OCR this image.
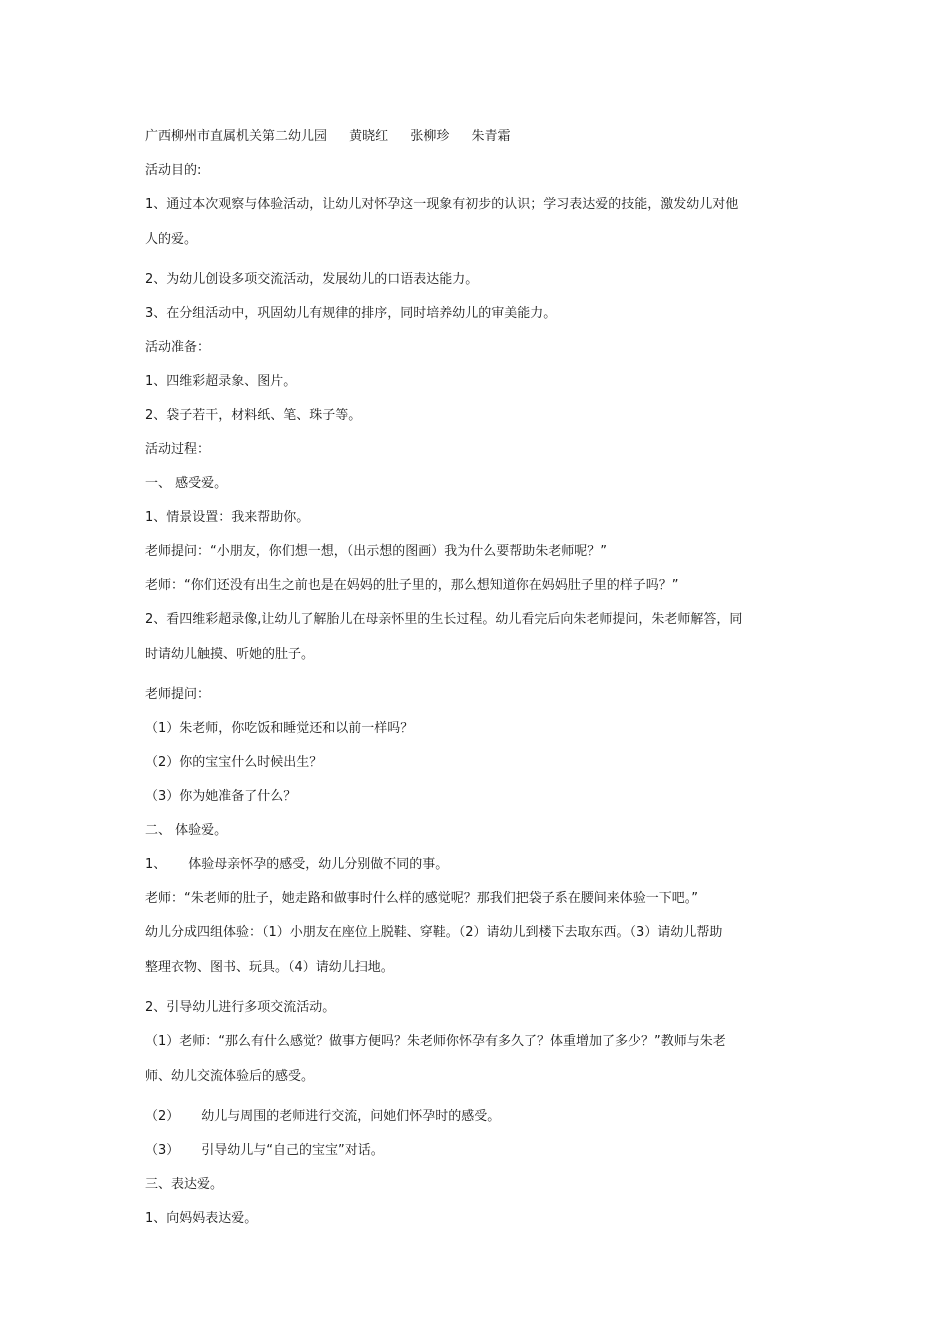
广西柳州市直属机关第二幼儿园 黄晓红 张柳珍 朱青霜
活动目的:
1、通过本次观察与体验活动，让幼儿对怀孕这一现象有初步的认识；学习表达爱的技能，激发幼儿对他
人的爱。
2、为幼儿创设多项交流活动，发展幼儿的口语表达能力。
3、在分组活动中，巩固幼儿有规律的排序，同时培养幼儿的审美能力。
活动准备：
1、四维彩超录象、图片。
2、袋子若干，材料纸、笔、珠子等。
活动过程：
一、 感受爱。
1、情景设置：我来帮助你。
老师提问：“小朋友，你们想一想，（出示想的图画）我为什么要帮助朱老师呢？”
老师：“你们还没有出生之前也是在妈妈的肚子里的，那么想知道你在妈妈肚子里的样子吗？”
2、看四维彩超录像,让幼儿了解胎儿在母亲怀里的生长过程。幼儿看完后向朱老师提问，朱老师解答，同
时请幼儿触摸、听她的肚子。
老师提问：
（1）朱老师，你吃饭和睡觉还和以前一样吗？
（2）你的宝宝什么时候出生？
（3）你为她准备了什么？
二、 体验爱。
1、 体验母亲怀孕的感受，幼儿分别做不同的事。
老师：“朱老师的肚子，她走路和做事时什么样的感觉呢？那我们把袋子系在腰间来体验一下吧。”
幼儿分成四组体验：（1）小朋友在座位上脱鞋、穿鞋。（2）请幼儿到楼下去取东西。（3）请幼儿帮助
整理衣物、图书、玩具。（4）请幼儿扫地。
2、引导幼儿进行多项交流活动。
（1）老师：“那么有什么感觉？做事方便吗？朱老师你怀孕有多久了？体重增加了多少？”教师与朱老
师、幼儿交流体验后的感受。
（2） 幼儿与周围的老师进行交流，问她们怀孕时的感受。
（3） 引导幼儿与“自己的宝宝”对话。
三、表达爱。
1、向妈妈表达爱。
